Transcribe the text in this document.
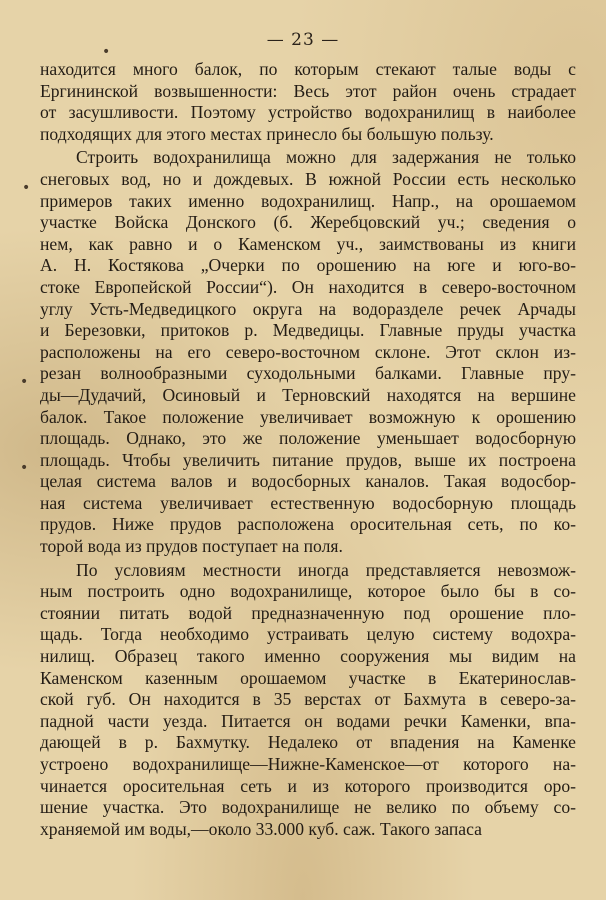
— 23 —
находится много балок, по которым стекают талые воды с
Ергининской возвышенности: Весь этот район очень страдает
от засушливости. Поэтому устройство водохранилищ в наиболее
подходящих для этого местах принесло бы большую пользу.
Строить водохранилища можно для задержания не только
снеговых вод, но и дождевых. В южной России есть несколько
примеров таких именно водохранилищ. Напр., на орошаемом
участке Войска Донского (б. Жеребцовский уч.; сведения о
нем, как равно и о Каменском уч., заимствованы из книги
А. Н. Костякова „Очерки по орошению на юге и юго-во-
стоке Европейской России“). Он находится в северо-восточном
углу Усть-Медведицкого округа на водоразделе речек Арчады
и Березовки, притоков р. Медведицы. Главные пруды участка
расположены на его северо-восточном склоне. Этот склон из-
резан волнообразными суходольными балками. Главные пру-
ды—Дудачий, Осиновый и Терновский находятся на вершине
балок. Такое положение увеличивает возможную к орошению
площадь. Однако, это же положение уменьшает водосборную
площадь. Чтобы увеличить питание прудов, выше их построена
целая система валов и водосборных каналов. Такая водосбор-
ная система увеличивает естественную водосборную площадь
прудов. Ниже прудов расположена оросительная сеть, по ко-
торой вода из прудов поступает на поля.
По условиям местности иногда представляется невозмож-
ным построить одно водохранилище, которое было бы в со-
стоянии питать водой предназначенную под орошение пло-
щадь. Тогда необходимо устраивать целую систему водохра-
нилищ. Образец такого именно сооружения мы видим на
Каменском казенным орошаемом участке в Екатеринослав-
ской губ. Он находится в 35 верстах от Бахмута в северо-за-
падной части уезда. Питается он водами речки Каменки, впа-
дающей в р. Бахмутку. Недалеко от впадения на Каменке
устроено водохранилище—Нижне-Каменское—от которого на-
чинается оросительная сеть и из которого производится оро-
шение участка. Это водохранилище не велико по объему со-
храняемой им воды,—около 33.000 куб. саж. Такого запаса
•
•
•
•
